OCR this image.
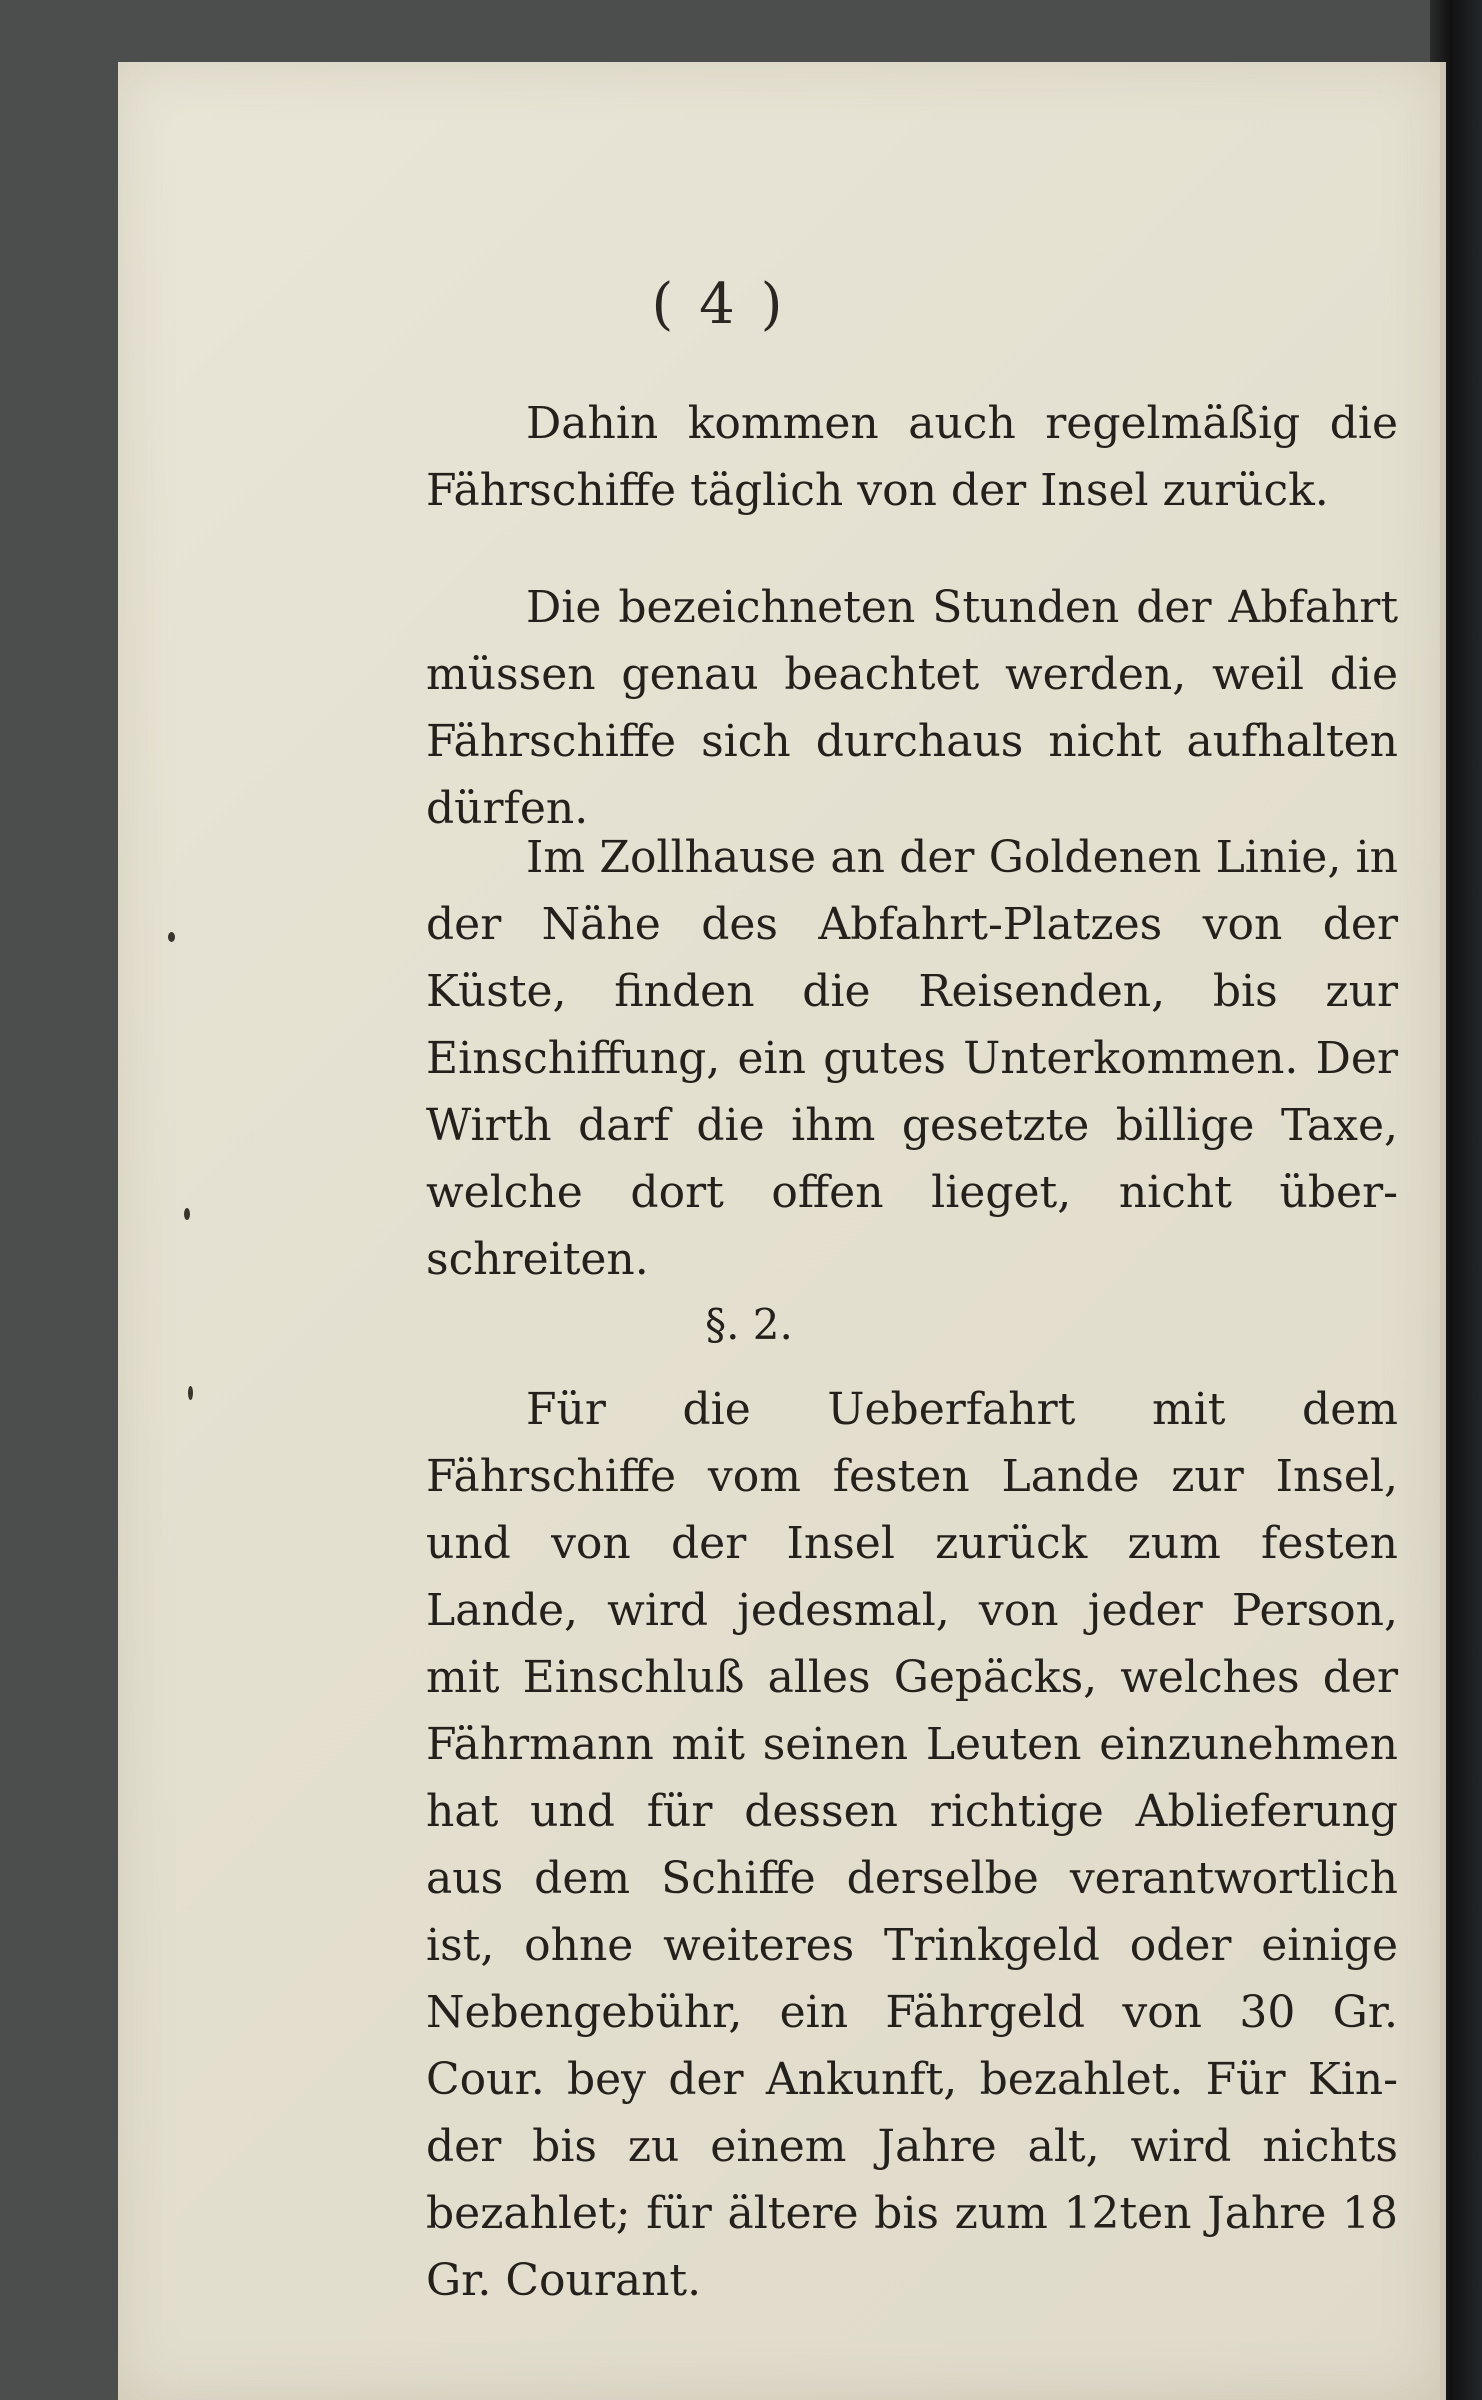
( 4 )
Dahin kommen auch regelmäßig die Fährschiffe täglich von der Insel zurück.
Die bezeichneten Stunden der Abfahrt müssen genau beachtet werden, weil die Fährschiffe sich durchaus nicht aufhalten dürfen.
Im Zollhause an der Goldenen Linie, in der Nähe des Abfahrt-Platzes von der Küste, finden die Reisenden, bis zur Einschiffung, ein gutes Unterkommen. Der Wirth darf die ihm gesetzte billige Taxe, welche dort offen lieget, nicht überschreiten.
§. 2.
Für die Ueberfahrt mit dem Fährschiffe vom festen Lande zur Insel, und von der Insel zurück zum festen Lande, wird jedesmal, von jeder Person, mit Einschluß alles Gepäcks, welches der Fährmann mit seinen Leuten einzunehmen hat und für dessen richtige Ablieferung aus dem Schiffe derselbe verantwortlich ist, ohne weiteres Trinkgeld oder einige Nebengebühr, ein Fährgeld von 30 Gr. Cour. bey der Ankunft, bezahlet. Für Kinder bis zu einem Jahre alt, wird nichts bezahlet; für ältere bis zum 12ten Jahre 18 Gr. Courant.
